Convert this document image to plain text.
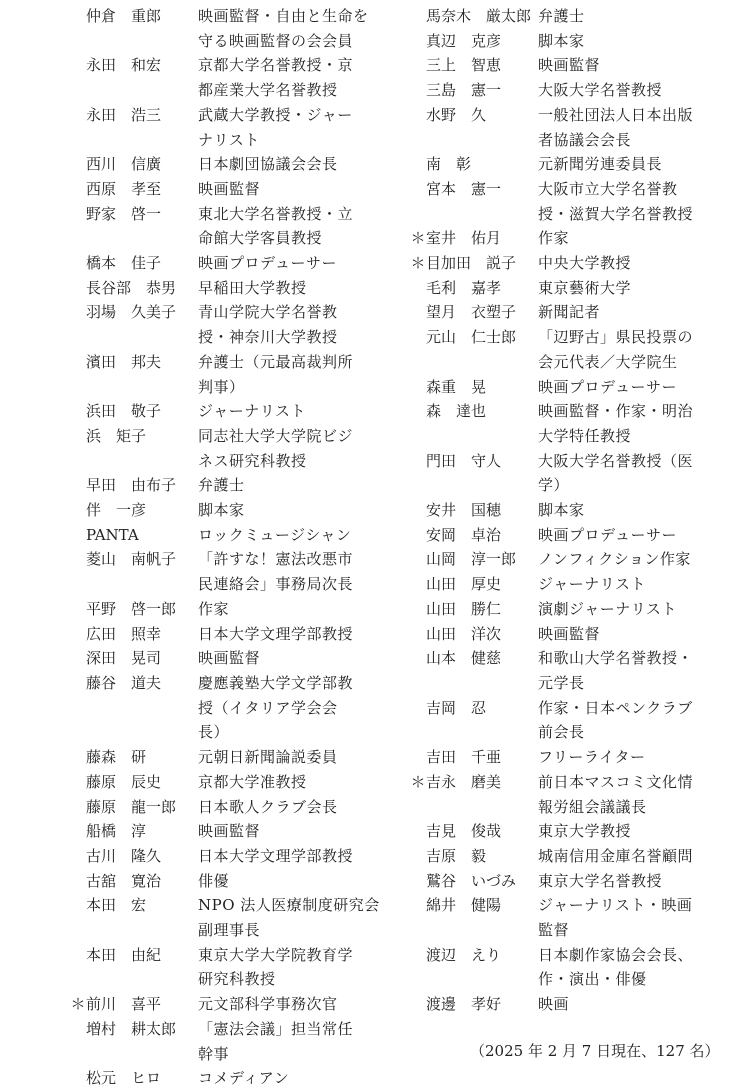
仲倉　重郎	映画監督・自由と生命を
守る映画監督の会会員
永田　和宏	京都大学名誉教授・京
都産業大学名誉教授
永田　浩三	武蔵大学教授・ジャー
ナリスト
西川　信廣	日本劇団協議会会長
西原　孝至	映画監督
野家　啓一	東北大学名誉教授・立
命館大学客員教授
橋本　佳子	映画プロデューサー
長谷部　恭男	早稲田大学教授
羽場　久美子	青山学院大学名誉教
授・神奈川大学教授
濱田　邦夫	弁護士（元最高裁判所
判事）
浜田　敬子	ジャーナリスト
浜　矩子	同志社大学大学院ビジ
ネス研究科教授
早田　由布子	弁護士
伴　一彦	脚本家
PANTA	ロックミュージシャン
菱山　南帆子	「許すな！憲法改悪市
民連絡会」事務局次長
平野　啓一郎	作家
広田　照幸	日本大学文理学部教授
深田　晃司	映画監督
藤谷　道夫	慶應義塾大学文学部教
授（イタリア学会会
長）
藤森　研	元朝日新聞論説委員
藤原　辰史	京都大学准教授
藤原　龍一郎	日本歌人クラブ会長
船橋　淳	映画監督
古川　隆久	日本大学文理学部教授
古舘　寛治	俳優
本田　宏	NPO 法人医療制度研究会
副理事長
本田　由紀	東京大学大学院教育学
研究科教授
＊ 前川　喜平	元文部科学事務次官
増村　耕太郎	「憲法会議」担当常任
幹事
松元　ヒロ	コメディアン
馬奈木　厳太郎 弁護士
真辺　克彦	脚本家
三上　智恵	映画監督
三島　憲一	大阪大学名誉教授
水野　久	一般社団法人日本出版
者協議会会長
南　彰	元新聞労連委員長
宮本　憲一	大阪市立大学名誉教
授・滋賀大学名誉教授
＊ 室井　佑月	作家
＊ 目加田　説子	中央大学教授
毛利　嘉孝	東京藝術大学
望月　衣塑子	新聞記者
元山　仁士郎	「辺野古」県民投票の
会元代表／大学院生
森重　晃	映画プロデューサー
森　達也	映画監督・作家・明治
大学特任教授
門田　守人	大阪大学名誉教授（医
学）
安井　国穂	脚本家
安岡　卓治	映画プロデューサー
山岡　淳一郎	ノンフィクション作家
山田　厚史	ジャーナリスト
山田　勝仁	演劇ジャーナリスト
山田　洋次	映画監督
山本　健慈	和歌山大学名誉教授・
元学長
吉岡　忍	作家・日本ペンクラブ
前会長
吉田　千亜	フリーライター
＊ 吉永　磨美	前日本マスコミ文化情
報労組会議議長
吉見　俊哉	東京大学教授
吉原　毅	城南信用金庫名誉顧問
鷲谷　いづみ	東京大学名誉教授
綿井　健陽	ジャーナリスト・映画
監督
渡辺　えり	日本劇作家協会会長、
作・演出・俳優
渡邊　孝好	映画
（2025 年 2 月 7 日現在、127 名）
